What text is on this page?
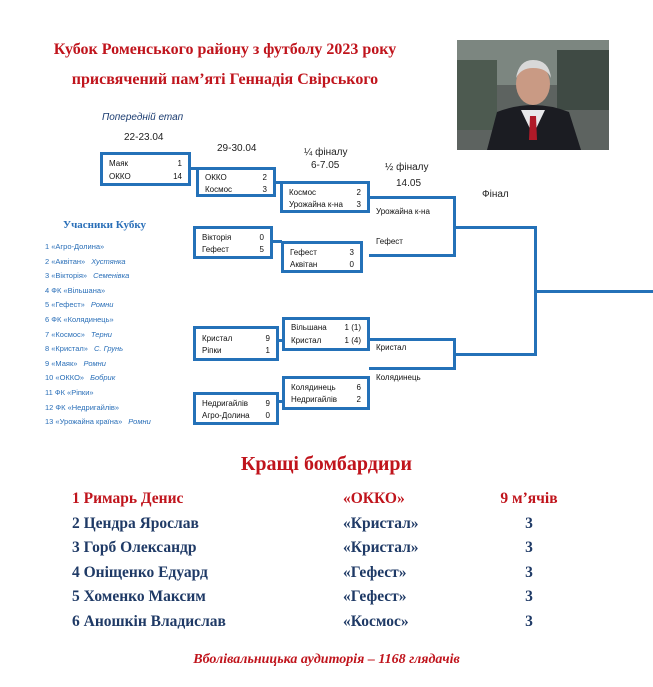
Кубок Роменського району з футболу 2023 року
присвячений пам’яті Геннадія Свірського
Попередній етап
22-23.04
29-30.04	¼ фіналу
6-7.05	½ фіналу
14.05
Фінал
Маяк	1
ОККО	14	ОККО	2
Космос	3	Космос	2
Урожайна к-на 3
Вікторія	0
Гефест	5	Гефест	3
Аквітан	0
Кристал	9
Ріпки	1
Вільшана 1 (1)
Кристал	1 (4)
Недригайлів 9
Агро-Долина 0
Колядинець	6
Недригайлів 2
Урожайна к-на
Гефест
Кристал
Колядинець
Учасники Кубку
1 «Агро-Долина»
2 «Аквітан» Хустянка
3 «Вікторія» Семенівка
4 ФК «Вільшана»
5 «Гефест» Ромни
6 ФК «Колядинець»
7 «Космос» Терни
8 «Кристал» С. Грунь
9 «Маяк» Ромни
10 «ОККО» Бобрик
11 ФК «Ріпки»
12 ФК «Недригайлів»
13 «Урожайна країна» Ромни
Кращі бомбардири
1 Римарь Денис	«ОККО»	9 м’ячів
2 Цендра Ярослав	«Кристал»	3
3 Горб Олександр	«Кристал»	3
4 Оніщенко Едуард	«Гефест»	3
5 Хоменко Максим	«Гефест»	3
6 Аношкін Владислав	«Космос»	3
Вболівальницька аудиторія – 1168 глядачів
